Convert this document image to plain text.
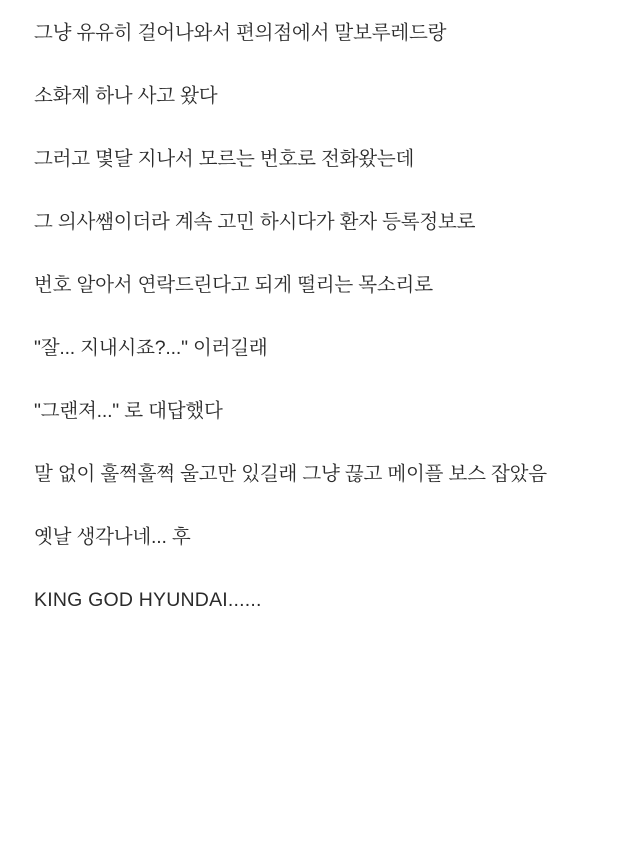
그냥 유유히 걸어나와서 편의점에서 말보루레드랑

소화제 하나 사고 왔다

그러고 몇달 지나서 모르는 번호로 전화왔는데

그 의사쌤이더라 계속 고민 하시다가 환자 등록정보로

번호 알아서 연락드린다고 되게 떨리는 목소리로

"잘... 지내시죠?..." 이러길래

"그랜져..." 로 대답했다

말 없이 훌쩍훌쩍 울고만 있길래 그냥 끊고 메이플 보스 잡았음

옛날 생각나네... 후

KING GOD HYUNDAI......
